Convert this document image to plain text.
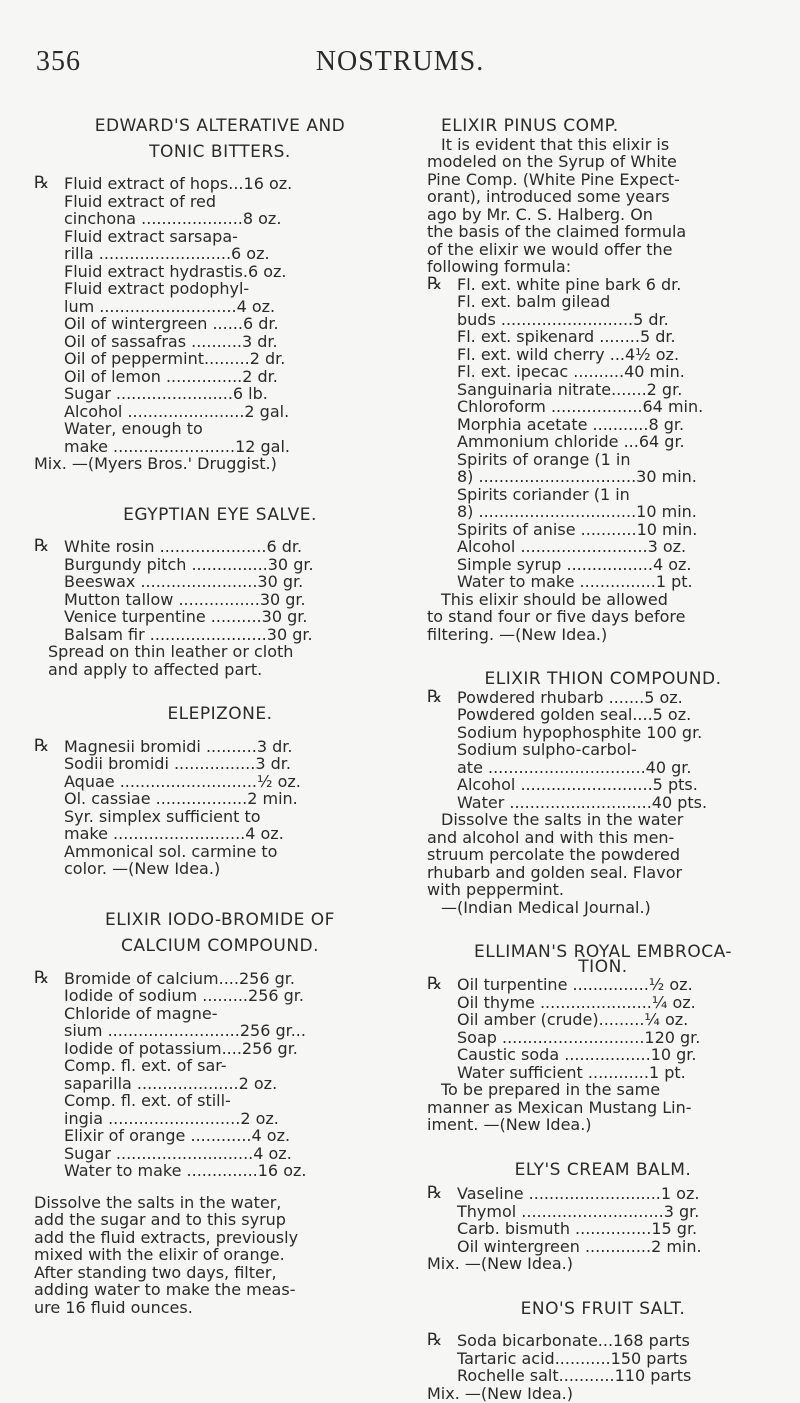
356	NOSTRUMS.
EDWARD'S ALTERATIVE AND
TONIC BITTERS.
℞ Fluid extract of hops...16 oz.
Fluid extract of red
cinchona ....................8 oz.
Fluid extract sarsapa-
rilla ..........................6 oz.
Fluid extract hydrastis.6 oz.
Fluid extract podophyl-
lum ...........................4 oz.
Oil of wintergreen ......6 dr.
Oil of sassafras ..........3 dr.
Oil of peppermint.........2 dr.
Oil of lemon ...............2 dr.
Sugar .......................6 lb.
Alcohol .......................2 gal.
Water, enough to
make ........................12 gal.
Mix. —(Myers Bros.' Druggist.)
EGYPTIAN EYE SALVE.
℞ White rosin .....................6 dr.
Burgundy pitch ...............30 gr.
Beeswax .......................30 gr.
Mutton tallow ................30 gr.
Venice turpentine ..........30 gr.
Balsam fir .......................30 gr.
Spread on thin leather or cloth
and apply to affected part.
ELEPIZONE.
℞ Magnesii bromidi ..........3 dr.
Sodii bromidi ................3 dr.
Aquae ...........................½ oz.
Ol. cassiae ..................2 min.
Syr. simplex sufficient to
make ..........................4 oz.
Ammonical sol. carmine to
color. —(New Idea.)
ELIXIR IODO-BROMIDE OF
CALCIUM COMPOUND.
℞ Bromide of calcium....256 gr.
Iodide of sodium .........256 gr.
Chloride of magne-
sium ..........................256 gr...
Iodide of potassium....256 gr.
Comp. fl. ext. of sar-
saparilla ....................2 oz.
Comp. fl. ext. of still-
ingia ..........................2 oz.
Elixir of orange ............4 oz.
Sugar ...........................4 oz.
Water to make ..............16 oz.
Dissolve the salts in the water,
add the sugar and to this syrup
add the fluid extracts, previously
mixed with the elixir of orange.
After standing two days, filter,
adding water to make the meas-
ure 16 fluid ounces.
ELIXIR PINUS COMP.
It is evident that this elixir is
modeled on the Syrup of White
Pine Comp. (White Pine Expect-
orant), introduced some years
ago by Mr. C. S. Halberg. On
the basis of the claimed formula
of the elixir we would offer the
following formula:
℞ Fl. ext. white pine bark 6 dr.
Fl. ext. balm gilead
buds ..........................5 dr.
Fl. ext. spikenard ........5 dr.
Fl. ext. wild cherry ...4½ oz.
Fl. ext. ipecac ..........40 min.
Sanguinaria nitrate.......2 gr.
Chloroform ..................64 min.
Morphia acetate ...........8 gr.
Ammonium chloride ...64 gr.
Spirits of orange (1 in
8) ...............................30 min.
Spirits coriander (1 in
8) ...............................10 min.
Spirits of anise ...........10 min.
Alcohol .........................3 oz.
Simple syrup .................4 oz.
Water to make ...............1 pt.
This elixir should be allowed
to stand four or five days before
filtering. —(New Idea.)
ELIXIR THION COMPOUND.
℞ Powdered rhubarb .......5 oz.
Powdered golden seal....5 oz.
Sodium hypophosphite 100 gr.
Sodium sulpho-carbol-
ate ...............................40 gr.
Alcohol ..........................5 pts.
Water ............................40 pts.
Dissolve the salts in the water
and alcohol and with this men-
struum percolate the powdered
rhubarb and golden seal. Flavor
with peppermint.
—(Indian Medical Journal.)
ELLIMAN'S ROYAL EMBROCA-
TION.
℞ Oil turpentine ...............½ oz.
Oil thyme ......................¼ oz.
Oil amber (crude).........¼ oz.
Soap ............................120 gr.
Caustic soda .................10 gr.
Water sufficient ............1 pt.
To be prepared in the same
manner as Mexican Mustang Lin-
iment. —(New Idea.)
ELY'S CREAM BALM.
℞ Vaseline ..........................1 oz.
Thymol ............................3 gr.
Carb. bismuth ...............15 gr.
Oil wintergreen .............2 min.
Mix. —(New Idea.)
ENO'S FRUIT SALT.
℞ Soda bicarbonate...168 parts
Tartaric acid...........150 parts
Rochelle salt...........110 parts
Mix. —(New Idea.)
